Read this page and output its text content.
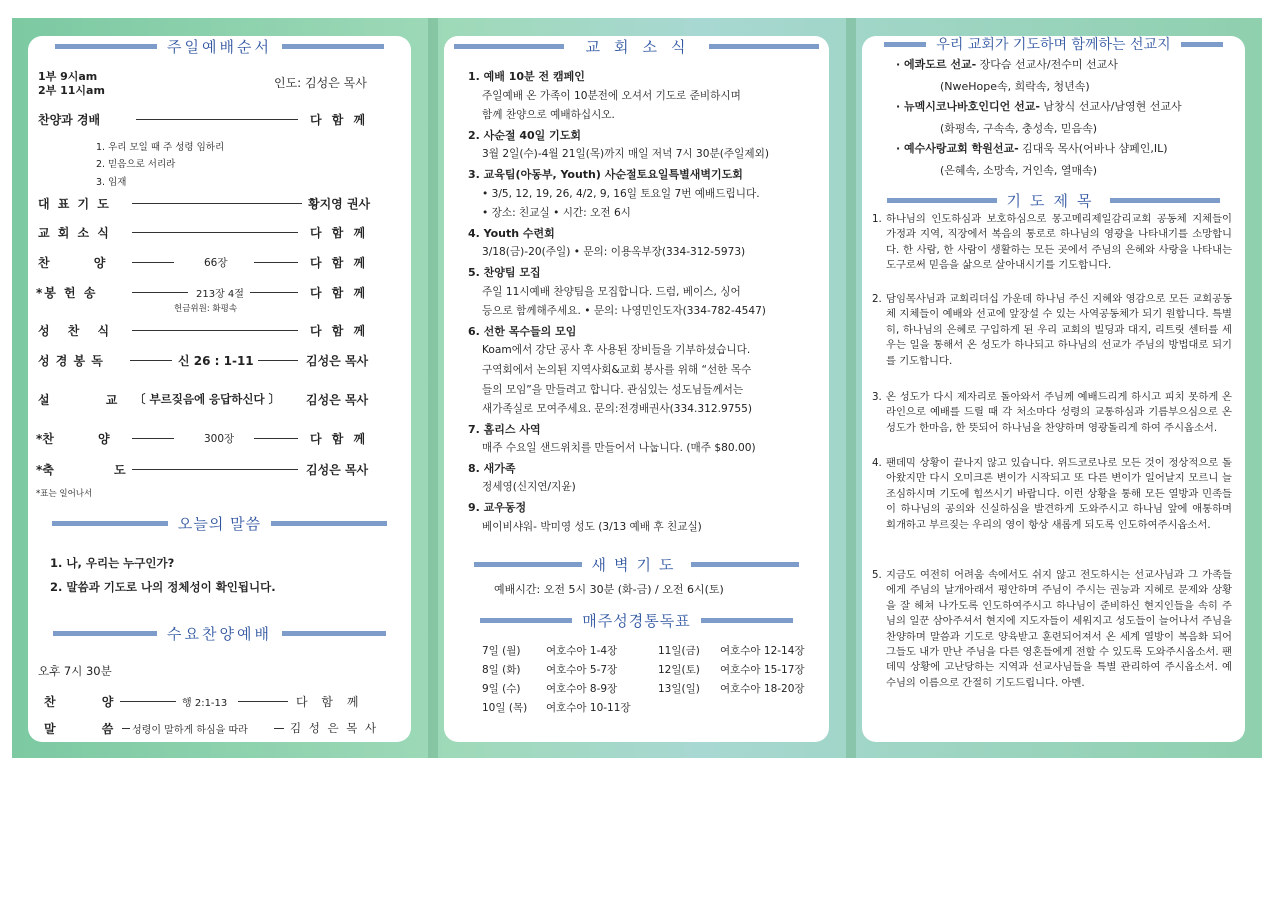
주일예배순서
1부 9시am
2부 11시am
인도: 김성은 목사
찬양과 경배	다 함 께
1. 우리 모일 때 주 성령 임하리
2. 믿음으로 서리라
3. 임재
대 표 기 도	황지영 권사
교 회 소 식	다 함 께
찬 양	66장	다 함 께
*봉 헌 송	213장 4절	다 함 께
헌금위원: 화평속
성 찬 식	다 함 께
성 경 봉 독	신 26 : 1-11	김성은 목사
설 교 〔 부르짖음에 응답하신다 〕 김성은 목사
*찬 양	300장	다 함 께
*축 도	김성은 목사
*표는 일어나서
오늘의 말씀
1. 나, 우리는 누구인가?
2. 말씀과 기도로 나의 정체성이 확인됩니다.
수요찬양예배
오후 7시 30분
찬 양	행 2:1-13	다 함 께
말 씀 성령이 말하게 하심을 따라	김 성 은 목 사
교회소식

1. 예배 10분 전 캠페인

주일예배 온 가족이 10분전에 오셔서 기도로 준비하시며

함께 찬양으로 예배하십시오.

2. 사순절 40일 기도회

3월 2일(수)-4월 21일(목)까지 매일 저녁 7시 30분(주일제외)

3. 교육팀(아동부, Youth) 사순절토요일특별새벽기도회

• 3/5, 12, 19, 26, 4/2, 9, 16일 토요일 7번 예배드립니다.

• 장소: 친교실 • 시간: 오전 6시

4. Youth 수련회

3/18(금)-20(주일) • 문의: 이용옥부장(334-312-5973)

5. 찬양팀 모집

주일 11시예배 찬양팀을 모집합니다. 드럼, 베이스, 싱어

등으로 함께해주세요. • 문의: 나영민인도자(334-782-4547)

6. 선한 목수들의 모임

Koam에서 강단 공사 후 사용된 장비들을 기부하셨습니다.

구역회에서 논의된 지역사회&교회 봉사를 위해 “선한 목수

들의 모임”을 만들려고 합니다. 관심있는 성도님들께서는

새가족실로 모여주세요. 문의:전경배권사(334.312.9755)

7. 홈리스 사역

매주 수요일 샌드위치를 만들어서 나눕니다. (매주 $80.00)

8. 새가족

정세영(신지연/지윤)

9. 교우동정

베이비샤워- 박미영 성도 (3/13 예배 후 친교실)

새벽기도
예배시간: 오전 5시 30분 (화-금) / 오전 6시(토)
매주성경통독표
7일 (월)	여호수아 1-4장	11일(금)	여호수아 12-14장
8일 (화)	여호수아 5-7장	12일(토)	여호수아 15-17장
9일 (수)	여호수아 8-9장	13일(일)	여호수아 18-20장
10일 (목)	여호수아 10-11장		
우리 교회가 기도하며 함께하는 선교지
· 에콰도르 선교- 장다슴 선교사/전수미 선교사
(NweHope속, 희락속, 청년속)
· 뉴멕시코나바호인디언 선교- 남창식 선교사/남영현 선교사
(화평속, 구속속, 충성속, 믿음속)
· 예수사랑교회 학원선교- 김대욱 목사(어바나 샴페인,IL)
(은혜속, 소망속, 거인속, 열매속)
기도제목
1. 하나님의 인도하심과 보호하심으로 몽고메리제일감리교회 공동체 지체들이 가정과 지역, 직장에서 복음의 통로로 하나님의 영광을 나타내기를 소망합니다. 한 사람, 한 사람이 생활하는 모든 곳에서 주님의 은혜와 사랑을 나타내는 도구로써 믿음을 삶으로 살아내시기를 기도합니다.
2. 담임목사님과 교회리더십 가운데 하나님 주신 지혜와 영감으로 모든 교회공동체 지체들이 예배와 선교에 앞장설 수 있는 사역공동체가 되기 원합니다. 특별히, 하나님의 은혜로 구입하게 된 우리 교회의 빌딩과 대지, 리트릿 센터를 세우는 일을 통해서 온 성도가 하나되고 하나님의 선교가 주님의 방법대로 되기를 기도합니다.
3. 온 성도가 다시 제자리로 돌아와서 주님께 예배드리게 하시고 피치 못하게 온라인으로 예배를 드릴 때 각 처소마다 성령의 교통하심과 기름부으심으로 온성도가 한마음, 한 뜻되어 하나님을 찬양하며 영광돌리게 하여 주시옵소서.
4. 팬데믹 상황이 끝나지 않고 있습니다. 위드코로나로 모든 것이 정상적으로 돌아왔지만 다시 오미크론 변이가 시작되고 또 다른 변이가 일어날지 모르니 늘 조심하시며 기도에 힘쓰시기 바랍니다. 이런 상황을 통해 모든 열방과 민족들이 하나님의 공의와 신실하심을 발견하게 도와주시고 하나님 앞에 애통하며 회개하고 부르짖는 우리의 영이 항상 새롭게 되도록 인도하여주시옵소서.
5. 지금도 여전히 어려움 속에서도 쉬지 않고 전도하시는 선교사님과 그 가족들에게 주님의 날개아래서 평안하며 주님이 주시는 권능과 지혜로 문제와 상황을 잘 헤쳐 나가도록 인도하여주시고 하나님이 준비하신 현지인들을 속히 주님의 일꾼 삼아주셔서 현지에 지도자들이 세워지고 성도들이 늘어나서 주님을 찬양하며 말씀과 기도로 양육받고 훈련되어져서 온 세계 열방이 복음화 되어 그들도 내가 만난 주님을 다른 영혼들에게 전할 수 있도록 도와주시옵소서. 팬데믹 상황에 고난당하는 지역과 선교사님들을 특별 관리하여 주시옵소서. 예수님의 이름으로 간절히 기도드립니다. 아멘.
